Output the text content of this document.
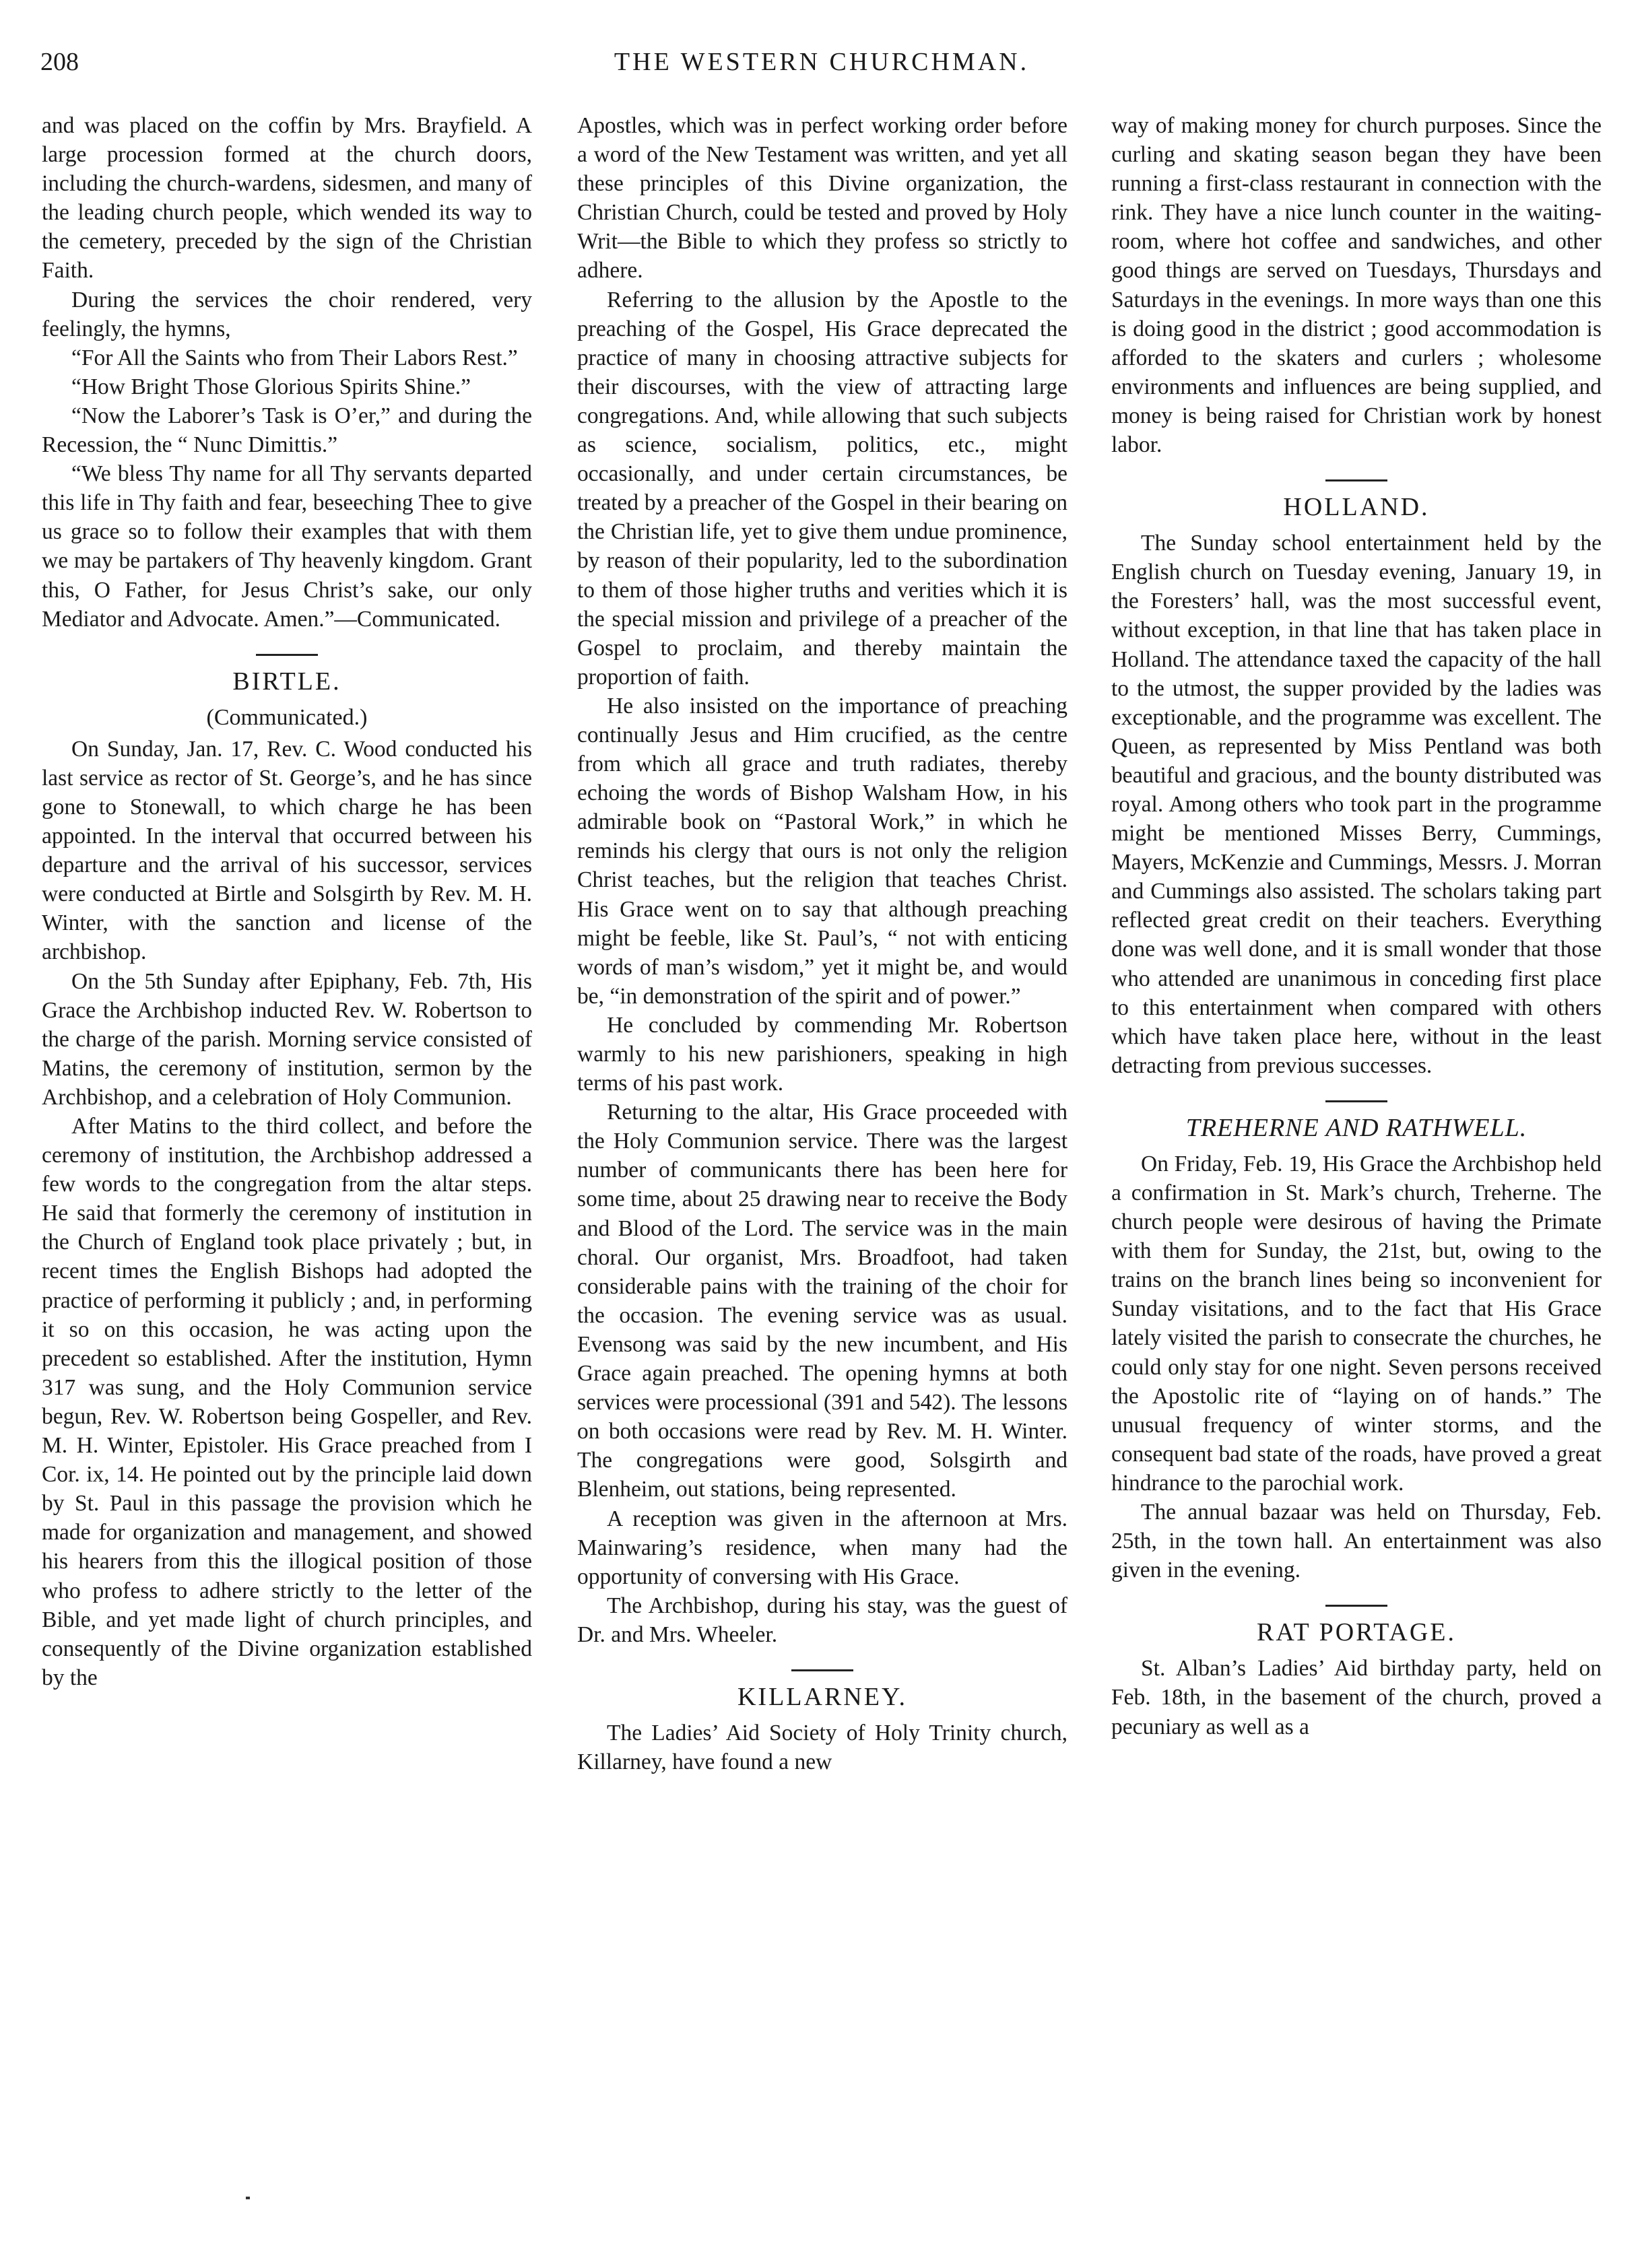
208	THE WESTERN CHURCHMAN.

and was placed on the coffin by Mrs. Brayfield. A large procession formed at the church doors, including the church-wardens, sidesmen, and many of the leading church people, which wended its way to the cemetery, preceded by the sign of the Christian Faith.

During the services the choir rendered, very feelingly, the hymns,

“For All the Saints who from Their Labors Rest.”

“How Bright Those Glorious Spirits Shine.”

“Now the Laborer’s Task is O’er,” and during the Recession, the “ Nunc Dimittis.”

“We bless Thy name for all Thy servants departed this life in Thy faith and fear, beseeching Thee to give us grace so to follow their examples that with them we may be partakers of Thy heavenly kingdom. Grant this, O Father, for Jesus Christ’s sake, our only Mediator and Advocate. Amen.”—Communicated.

BIRTLE.
(Communicated.)

On Sunday, Jan. 17, Rev. C. Wood conducted his last service as rector of St. George’s, and he has since gone to Stonewall, to which charge he has been appointed. In the interval that occurred between his departure and the arrival of his successor, services were conducted at Birtle and Solsgirth by Rev. M. H. Winter, with the sanction and license of the archbishop.

On the 5th Sunday after Epiphany, Feb. 7th, His Grace the Archbishop inducted Rev. W. Robertson to the charge of the parish. Morning service consisted of Matins, the ceremony of institution, sermon by the Archbishop, and a celebration of Holy Communion.

After Matins to the third collect, and before the ceremony of institution, the Archbishop addressed a few words to the congregation from the altar steps. He said that formerly the ceremony of institution in the Church of England took place privately ; but, in recent times the English Bishops had adopted the practice of performing it publicly ; and, in performing it so on this occasion, he was acting upon the precedent so established. After the institution, Hymn 317 was sung, and the Holy Communion service begun, Rev. W. Robertson being Gospeller, and Rev. M. H. Winter, Epistoler. His Grace preached from I Cor. ix, 14. He pointed out by the principle laid down by St. Paul in this passage the provision which he made for organization and management, and showed his hearers from this the illogical position of those who profess to adhere strictly to the letter of the Bible, and yet made light of church principles, and consequently of the Divine organization established by the

Apostles, which was in perfect working order before a word of the New Testament was written, and yet all these principles of this Divine organization, the Christian Church, could be tested and proved by Holy Writ—the Bible to which they profess so strictly to adhere.

Referring to the allusion by the Apostle to the preaching of the Gospel, His Grace deprecated the practice of many in choosing attractive subjects for their discourses, with the view of attracting large congregations. And, while allowing that such subjects as science, socialism, politics, etc., might occasionally, and under certain circumstances, be treated by a preacher of the Gospel in their bearing on the Christian life, yet to give them undue prominence, by reason of their popularity, led to the subordination to them of those higher truths and verities which it is the special mission and privilege of a preacher of the Gospel to proclaim, and thereby maintain the proportion of faith.

He also insisted on the importance of preaching continually Jesus and Him crucified, as the centre from which all grace and truth radiates, thereby echoing the words of Bishop Walsham How, in his admirable book on “Pastoral Work,” in which he reminds his clergy that ours is not only the religion Christ teaches, but the religion that teaches Christ. His Grace went on to say that although preaching might be feeble, like St. Paul’s, “ not with enticing words of man’s wisdom,” yet it might be, and would be, “in demonstration of the spirit and of power.”

He concluded by commending Mr. Robertson warmly to his new parishioners, speaking in high terms of his past work.

Returning to the altar, His Grace proceeded with the Holy Communion service. There was the largest number of communicants there has been here for some time, about 25 drawing near to receive the Body and Blood of the Lord. The service was in the main choral. Our organist, Mrs. Broadfoot, had taken considerable pains with the training of the choir for the occasion. The evening service was as usual. Evensong was said by the new incumbent, and His Grace again preached. The opening hymns at both services were processional (391 and 542). The lessons on both occasions were read by Rev. M. H. Winter. The congregations were good, Solsgirth and Blenheim, out stations, being represented.

A reception was given in the afternoon at Mrs. Mainwaring’s residence, when many had the opportunity of conversing with His Grace.

The Archbishop, during his stay, was the guest of Dr. and Mrs. Wheeler.

KILLARNEY.

The Ladies’ Aid Society of Holy Trinity church, Killarney, have found a new

way of making money for church purposes. Since the curling and skating season began they have been running a first-class restaurant in connection with the rink. They have a nice lunch counter in the waiting-room, where hot coffee and sandwiches, and other good things are served on Tuesdays, Thursdays and Saturdays in the evenings. In more ways than one this is doing good in the district ; good accommodation is afforded to the skaters and curlers ; wholesome environments and influences are being supplied, and money is being raised for Christian work by honest labor.

HOLLAND.

The Sunday school entertainment held by the English church on Tuesday evening, January 19, in the Foresters’ hall, was the most successful event, without exception, in that line that has taken place in Holland. The attendance taxed the capacity of the hall to the utmost, the supper provided by the ladies was exceptionable, and the programme was excellent. The Queen, as represented by Miss Pentland was both beautiful and gracious, and the bounty distributed was royal. Among others who took part in the programme might be mentioned Misses Berry, Cummings, Mayers, McKenzie and Cummings, Messrs. J. Morran and Cummings also assisted. The scholars taking part reflected great credit on their teachers. Everything done was well done, and it is small wonder that those who attended are unanimous in conceding first place to this entertainment when compared with others which have taken place here, without in the least detracting from previous successes.

TREHERNE AND RATHWELL.

On Friday, Feb. 19, His Grace the Archbishop held a confirmation in St. Mark’s church, Treherne. The church people were desirous of having the Primate with them for Sunday, the 21st, but, owing to the trains on the branch lines being so inconvenient for Sunday visitations, and to the fact that His Grace lately visited the parish to consecrate the churches, he could only stay for one night. Seven persons received the Apostolic rite of “laying on of hands.” The unusual frequency of winter storms, and the consequent bad state of the roads, have proved a great hindrance to the parochial work.

The annual bazaar was held on Thursday, Feb. 25th, in the town hall. An entertainment was also given in the evening.

RAT PORTAGE.

St. Alban’s Ladies’ Aid birthday party, held on Feb. 18th, in the basement of the church, proved a pecuniary as well as a
